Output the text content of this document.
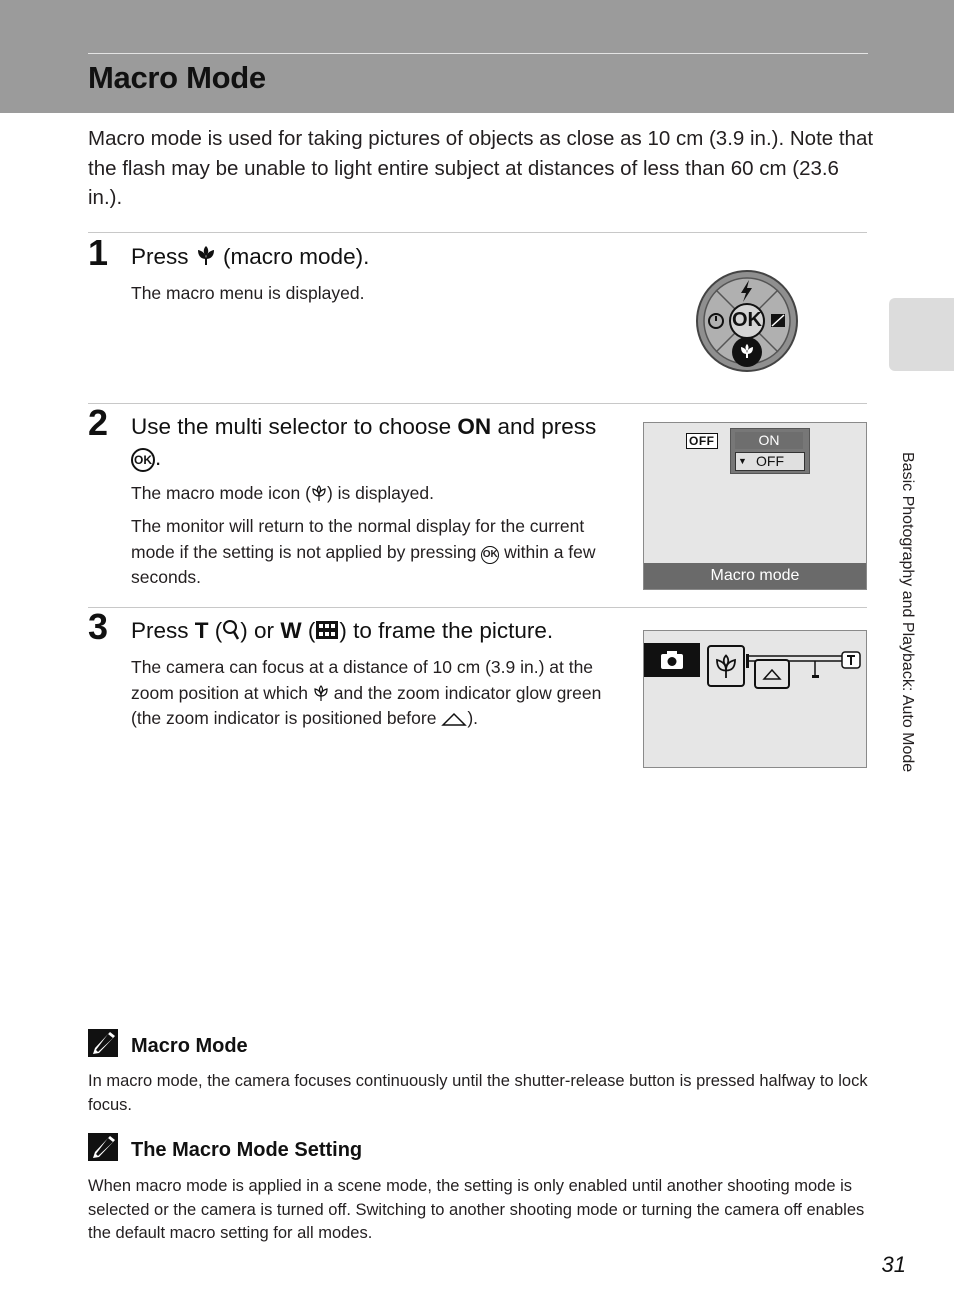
Macro Mode

Macro mode is used for taking pictures of objects as close as 10 cm (3.9 in.). Note that the flash may be unable to light entire subject at distances of less than 60 cm (23.6 in.).

Basic Photography and Playback: Auto Mode
1 Press (macro mode).

The macro menu is displayed.

OK
2 Use the multi selector to choose ON and press OK .

The macro mode icon ( ) is displayed.

The monitor will return to the normal display for the current mode if the setting is not applied by pressing OK within a few seconds.

OFF	ON
OFF
▼
Macro mode
3 Press T ( ) or W ( ) to frame the picture.

The camera can focus at a distance of 10 cm (3.9 in.) at the zoom position at which and the zoom indicator glow green (the zoom indicator is positioned before ).

Macro Mode

In macro mode, the camera focuses continuously until the shutter-release button is pressed halfway to lock focus.

The Macro Mode Setting

When macro mode is applied in a scene mode, the setting is only enabled until another shooting mode is selected or the camera is turned off. Switching to another shooting mode or turning the camera off enables the default macro setting for all modes.

31
